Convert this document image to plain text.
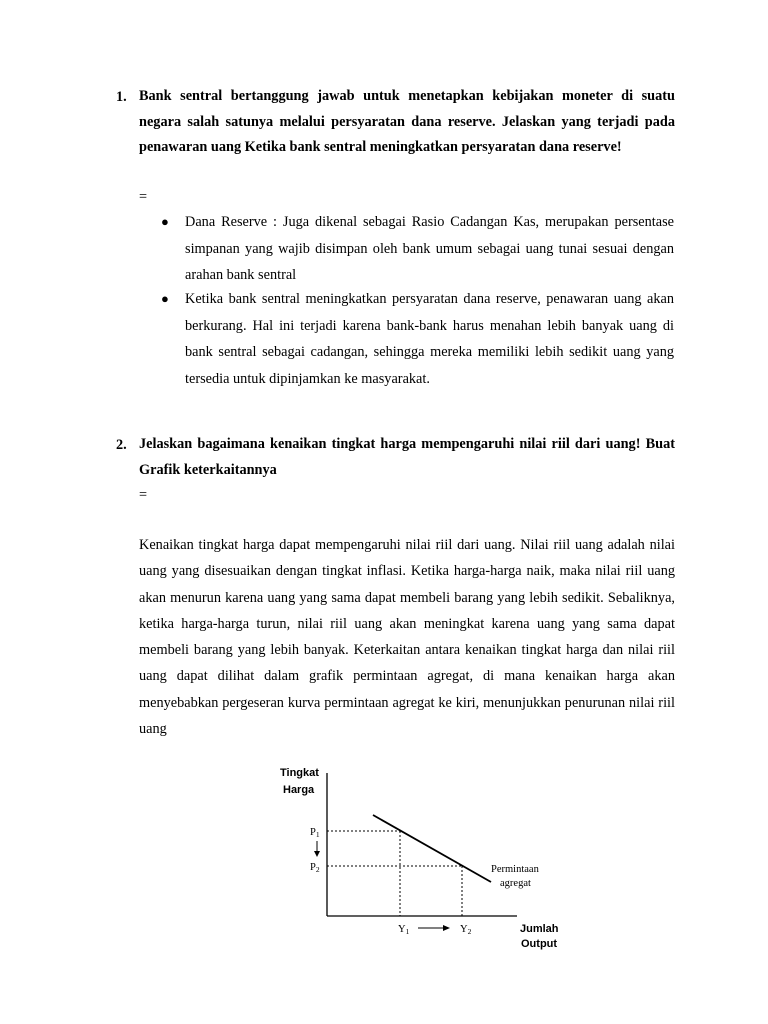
1. Bank sentral bertanggung jawab untuk menetapkan kebijakan moneter di suatu negara salah satunya melalui persyaratan dana reserve. Jelaskan yang terjadi pada penawaran uang Ketika bank sentral meningkatkan persyaratan dana reserve!
=
● Dana Reserve : Juga dikenal sebagai Rasio Cadangan Kas, merupakan persentase simpanan yang wajib disimpan oleh bank umum sebagai uang tunai sesuai dengan arahan bank sentral
● Ketika bank sentral meningkatkan persyaratan dana reserve, penawaran uang akan berkurang. Hal ini terjadi karena bank-bank harus menahan lebih banyak uang di bank sentral sebagai cadangan, sehingga mereka memiliki lebih sedikit uang yang tersedia untuk dipinjamkan ke masyarakat.
2. Jelaskan bagaimana kenaikan tingkat harga mempengaruhi nilai riil dari uang! Buat Grafik keterkaitannya
=
Kenaikan tingkat harga dapat mempengaruhi nilai riil dari uang. Nilai riil uang adalah nilai uang yang disesuaikan dengan tingkat inflasi. Ketika harga-harga naik, maka nilai riil uang akan menurun karena uang yang sama dapat membeli barang yang lebih sedikit. Sebaliknya, ketika harga-harga turun, nilai riil uang akan meningkat karena uang yang sama dapat membeli barang yang lebih banyak. Keterkaitan antara kenaikan tingkat harga dan nilai riil uang dapat dilihat dalam grafik permintaan agregat, di mana kenaikan harga akan menyebabkan pergeseran kurva permintaan agregat ke kiri, menunjukkan penurunan nilai riil uang
Tingkat
Harga
Jumlah
Output
P1
P2
Y1	Y2
Permintaan
agregat
